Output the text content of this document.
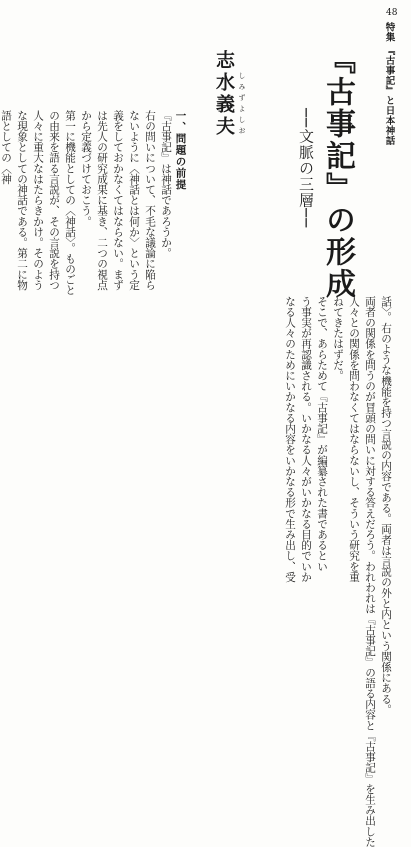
48
特集 『古事記』と日本神話
『古事記』の形成
──文脈の三層──
しみずよしお
志水義夫
一、問題の前提

『古事記』は神話であろうか。

右の問いについて、不毛な議論に陥らないように〈神話とは何か〉という定義をしておかなくてはならない。まずは先人の研究成果に基き、二つの視点から定義づけておこう。

第一に機能としての〈神話〉。ものごとの由来を語る言説が、その言説を持つ人々に重大なはたらきかけ。そのような現象としての神話である。第二に物語としての〈神

話〉。右のような機能を持つ言説の内容である。両者は言説の外と内という関係にある。

両者の関係を問うのが冒頭の問いに対する答えだろう。われわれは『古事記』の語る内容と『古事記』を生み出した

人々との関係を問わなくてはならないし、そういう研究を重

ねてきたはずだ。

そこで、あらためて『古事記』が編纂された書であるとい

う事実が再認識される。いかなる人々がいかなる目的でいか

なる人々のためにいかなる内容をいかなる形で生み出し、受
